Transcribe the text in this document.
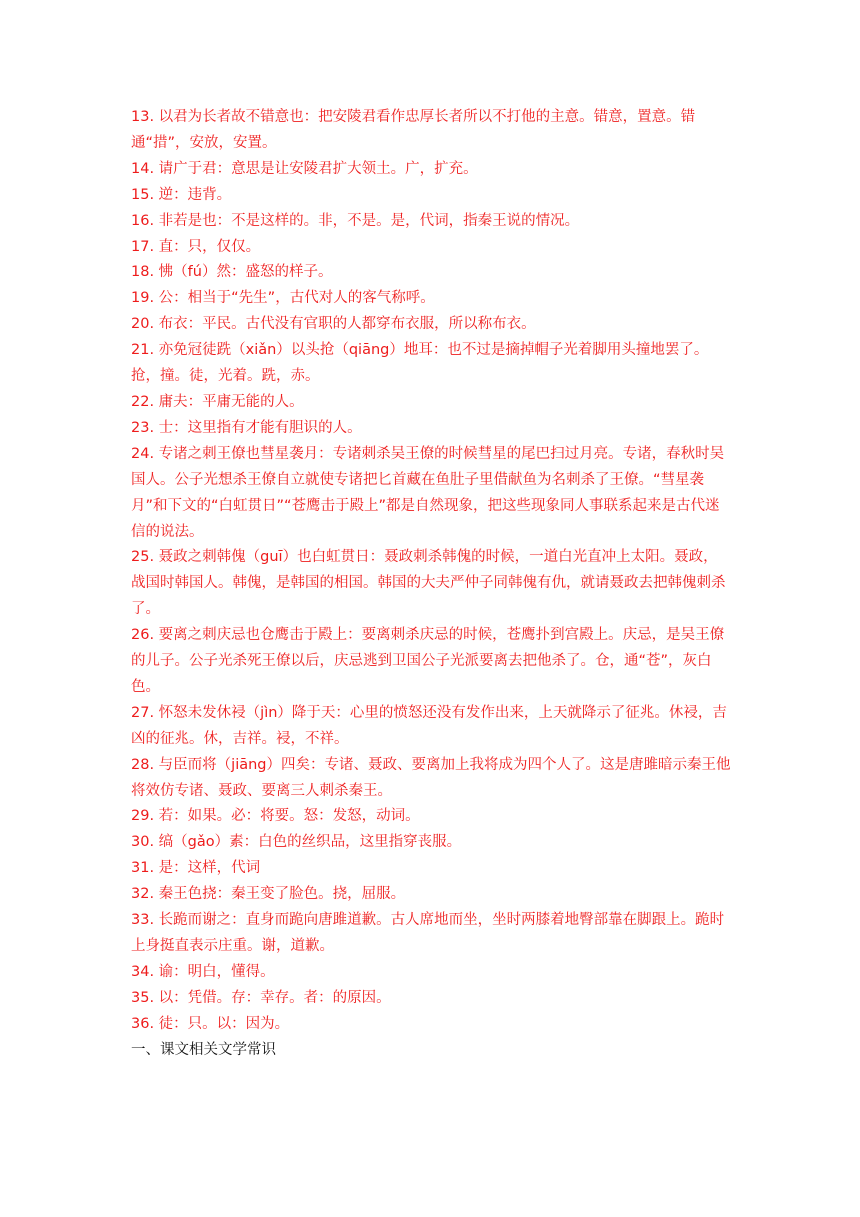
13. 以君为长者故不错意也：把安陵君看作忠厚长者所以不打他的主意。错意，置意。错通“措”，安放，安置。

14. 请广于君：意思是让安陵君扩大领土。广，扩充。

15. 逆：违背。

16. 非若是也：不是这样的。非，不是。是，代词，指秦王说的情况。

17. 直：只，仅仅。

18. 怫（fú）然：盛怒的样子。

19. 公：相当于“先生”，古代对人的客气称呼。

20. 布衣：平民。古代没有官职的人都穿布衣服，所以称布衣。

21. 亦免冠徒跣（xiǎn）以头抢（qiāng）地耳：也不过是摘掉帽子光着脚用头撞地罢了。抢，撞。徒，光着。跣，赤。

22. 庸夫：平庸无能的人。

23. 士：这里指有才能有胆识的人。

24. 专诸之刺王僚也彗星袭月：专诸刺杀吴王僚的时候彗星的尾巴扫过月亮。专诸，春秋时吴国人。公子光想杀王僚自立就使专诸把匕首藏在鱼肚子里借献鱼为名刺杀了王僚。“彗星袭月”和下文的“白虹贯日”“苍鹰击于殿上”都是自然现象，把这些现象同人事联系起来是古代迷信的说法。

25. 聂政之刺韩傀（guī）也白虹贯日：聂政刺杀韩傀的时候，一道白光直冲上太阳。聂政，战国时韩国人。韩傀，是韩国的相国。韩国的大夫严仲子同韩傀有仇，就请聂政去把韩傀刺杀了。

26. 要离之刺庆忌也仓鹰击于殿上：要离刺杀庆忌的时候，苍鹰扑到宫殿上。庆忌，是吴王僚的儿子。公子光杀死王僚以后，庆忌逃到卫国公子光派要离去把他杀了。仓，通“苍”，灰白色。

27. 怀怒未发休祲（jìn）降于天：心里的愤怒还没有发作出来，上天就降示了征兆。休祲，吉凶的征兆。休，吉祥。祲，不祥。

28. 与臣而将（jiāng）四矣：专诸、聂政、要离加上我将成为四个人了。这是唐雎暗示秦王他将效仿专诸、聂政、要离三人刺杀秦王。

29. 若：如果。必：将要。怒：发怒，动词。

30. 缟（gǎo）素：白色的丝织品，这里指穿丧服。

31. 是：这样，代词

32. 秦王色挠：秦王变了脸色。挠，屈服。

33. 长跪而谢之：直身而跪向唐雎道歉。古人席地而坐，坐时两膝着地臀部靠在脚跟上。跪时上身挺直表示庄重。谢，道歉。

34. 谕：明白，懂得。

35. 以：凭借。存：幸存。者：的原因。

36. 徒：只。以：因为。

一、课文相关文学常识
